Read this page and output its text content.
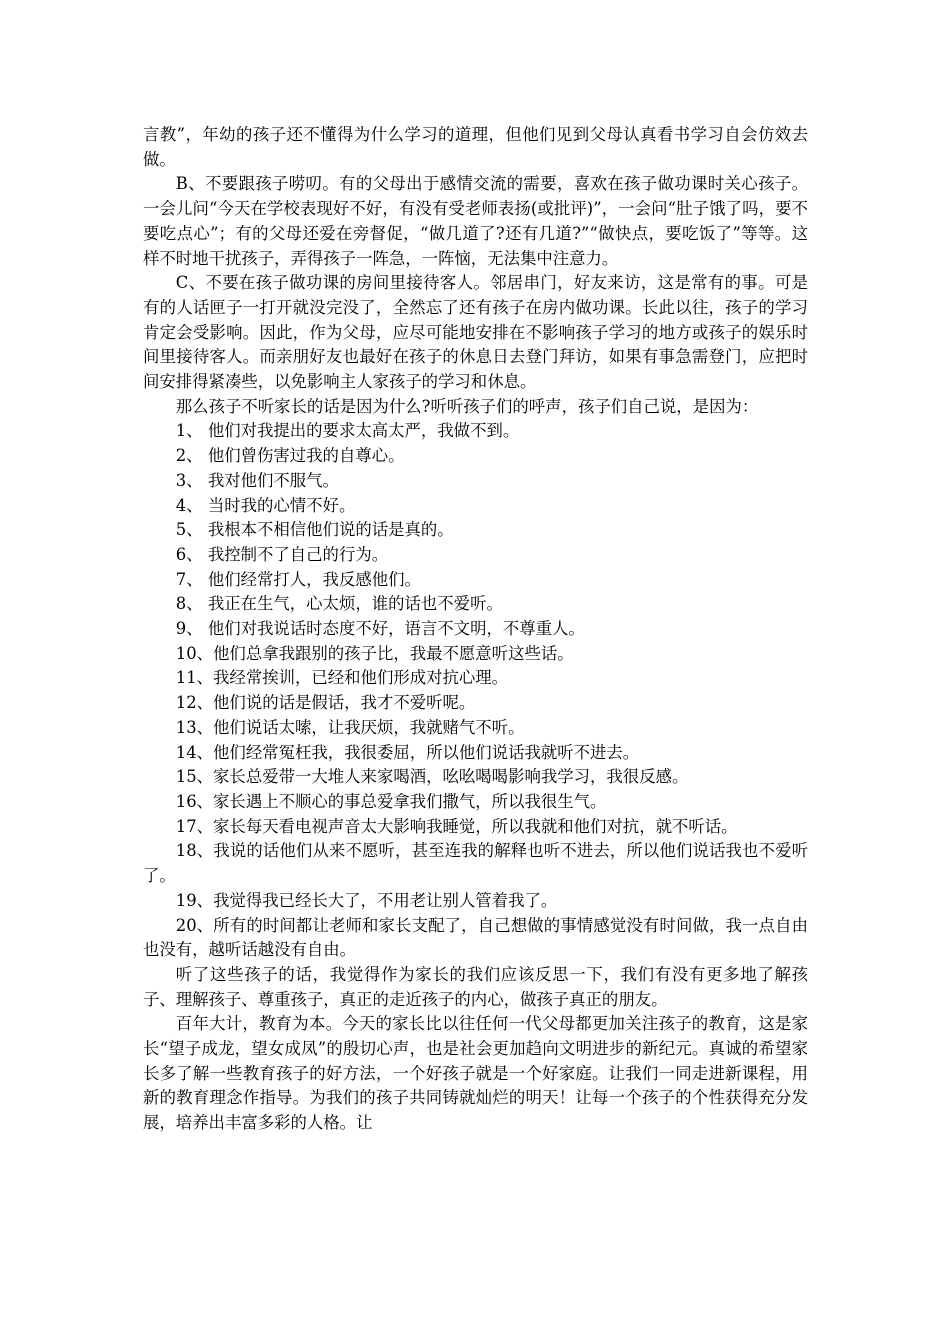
言教”，年幼的孩子还不懂得为什么学习的道理，但他们见到父母认真看书学习自会仿效去做。

B、不要跟孩子唠叨。有的父母出于感情交流的需要，喜欢在孩子做功课时关心孩子。一会儿问“今天在学校表现好不好，有没有受老师表扬(或批评)”，一会问“肚子饿了吗，要不要吃点心”；有的父母还爱在旁督促，“做几道了?还有几道?”“做快点，要吃饭了”等等。这样不时地干扰孩子，弄得孩子一阵急，一阵恼，无法集中注意力。

C、不要在孩子做功课的房间里接待客人。邻居串门，好友来访，这是常有的事。可是有的人话匣子一打开就没完没了，全然忘了还有孩子在房内做功课。长此以往，孩子的学习肯定会受影响。因此，作为父母，应尽可能地安排在不影响孩子学习的地方或孩子的娱乐时间里接待客人。而亲朋好友也最好在孩子的休息日去登门拜访，如果有事急需登门，应把时间安排得紧凑些，以免影响主人家孩子的学习和休息。

那么孩子不听家长的话是因为什么?听听孩子们的呼声，孩子们自己说，是因为：

1、 他们对我提出的要求太高太严，我做不到。

2、 他们曾伤害过我的自尊心。

3、 我对他们不服气。

4、 当时我的心情不好。

5、 我根本不相信他们说的话是真的。

6、 我控制不了自己的行为。

7、 他们经常打人，我反感他们。

8、 我正在生气，心太烦，谁的话也不爱听。

9、 他们对我说话时态度不好，语言不文明，不尊重人。

10、他们总拿我跟别的孩子比，我最不愿意听这些话。

11、我经常挨训，已经和他们形成对抗心理。

12、他们说的话是假话，我才不爱听呢。

13、他们说话太嗦，让我厌烦，我就赌气不听。

14、他们经常冤枉我，我很委屈，所以他们说话我就听不进去。

15、家长总爱带一大堆人来家喝酒，吆吆喝喝影响我学习，我很反感。

16、家长遇上不顺心的事总爱拿我们撒气，所以我很生气。

17、家长每天看电视声音太大影响我睡觉，所以我就和他们对抗，就不听话。

18、我说的话他们从来不愿听，甚至连我的解释也听不进去，所以他们说话我也不爱听了。

19、我觉得我已经长大了，不用老让别人管着我了。

20、所有的时间都让老师和家长支配了，自己想做的事情感觉没有时间做，我一点自由也没有，越听话越没有自由。

听了这些孩子的话，我觉得作为家长的我们应该反思一下，我们有没有更多地了解孩子、理解孩子、尊重孩子，真正的走近孩子的内心，做孩子真正的朋友。

百年大计，教育为本。今天的家长比以往任何一代父母都更加关注孩子的教育，这是家长“望子成龙，望女成凤”的殷切心声，也是社会更加趋向文明进步的新纪元。真诚的希望家长多了解一些教育孩子的好方法，一个好孩子就是一个好家庭。让我们一同走进新课程，用新的教育理念作指导。为我们的孩子共同铸就灿烂的明天！让每一个孩子的个性获得充分发展，培养出丰富多彩的人格。让
